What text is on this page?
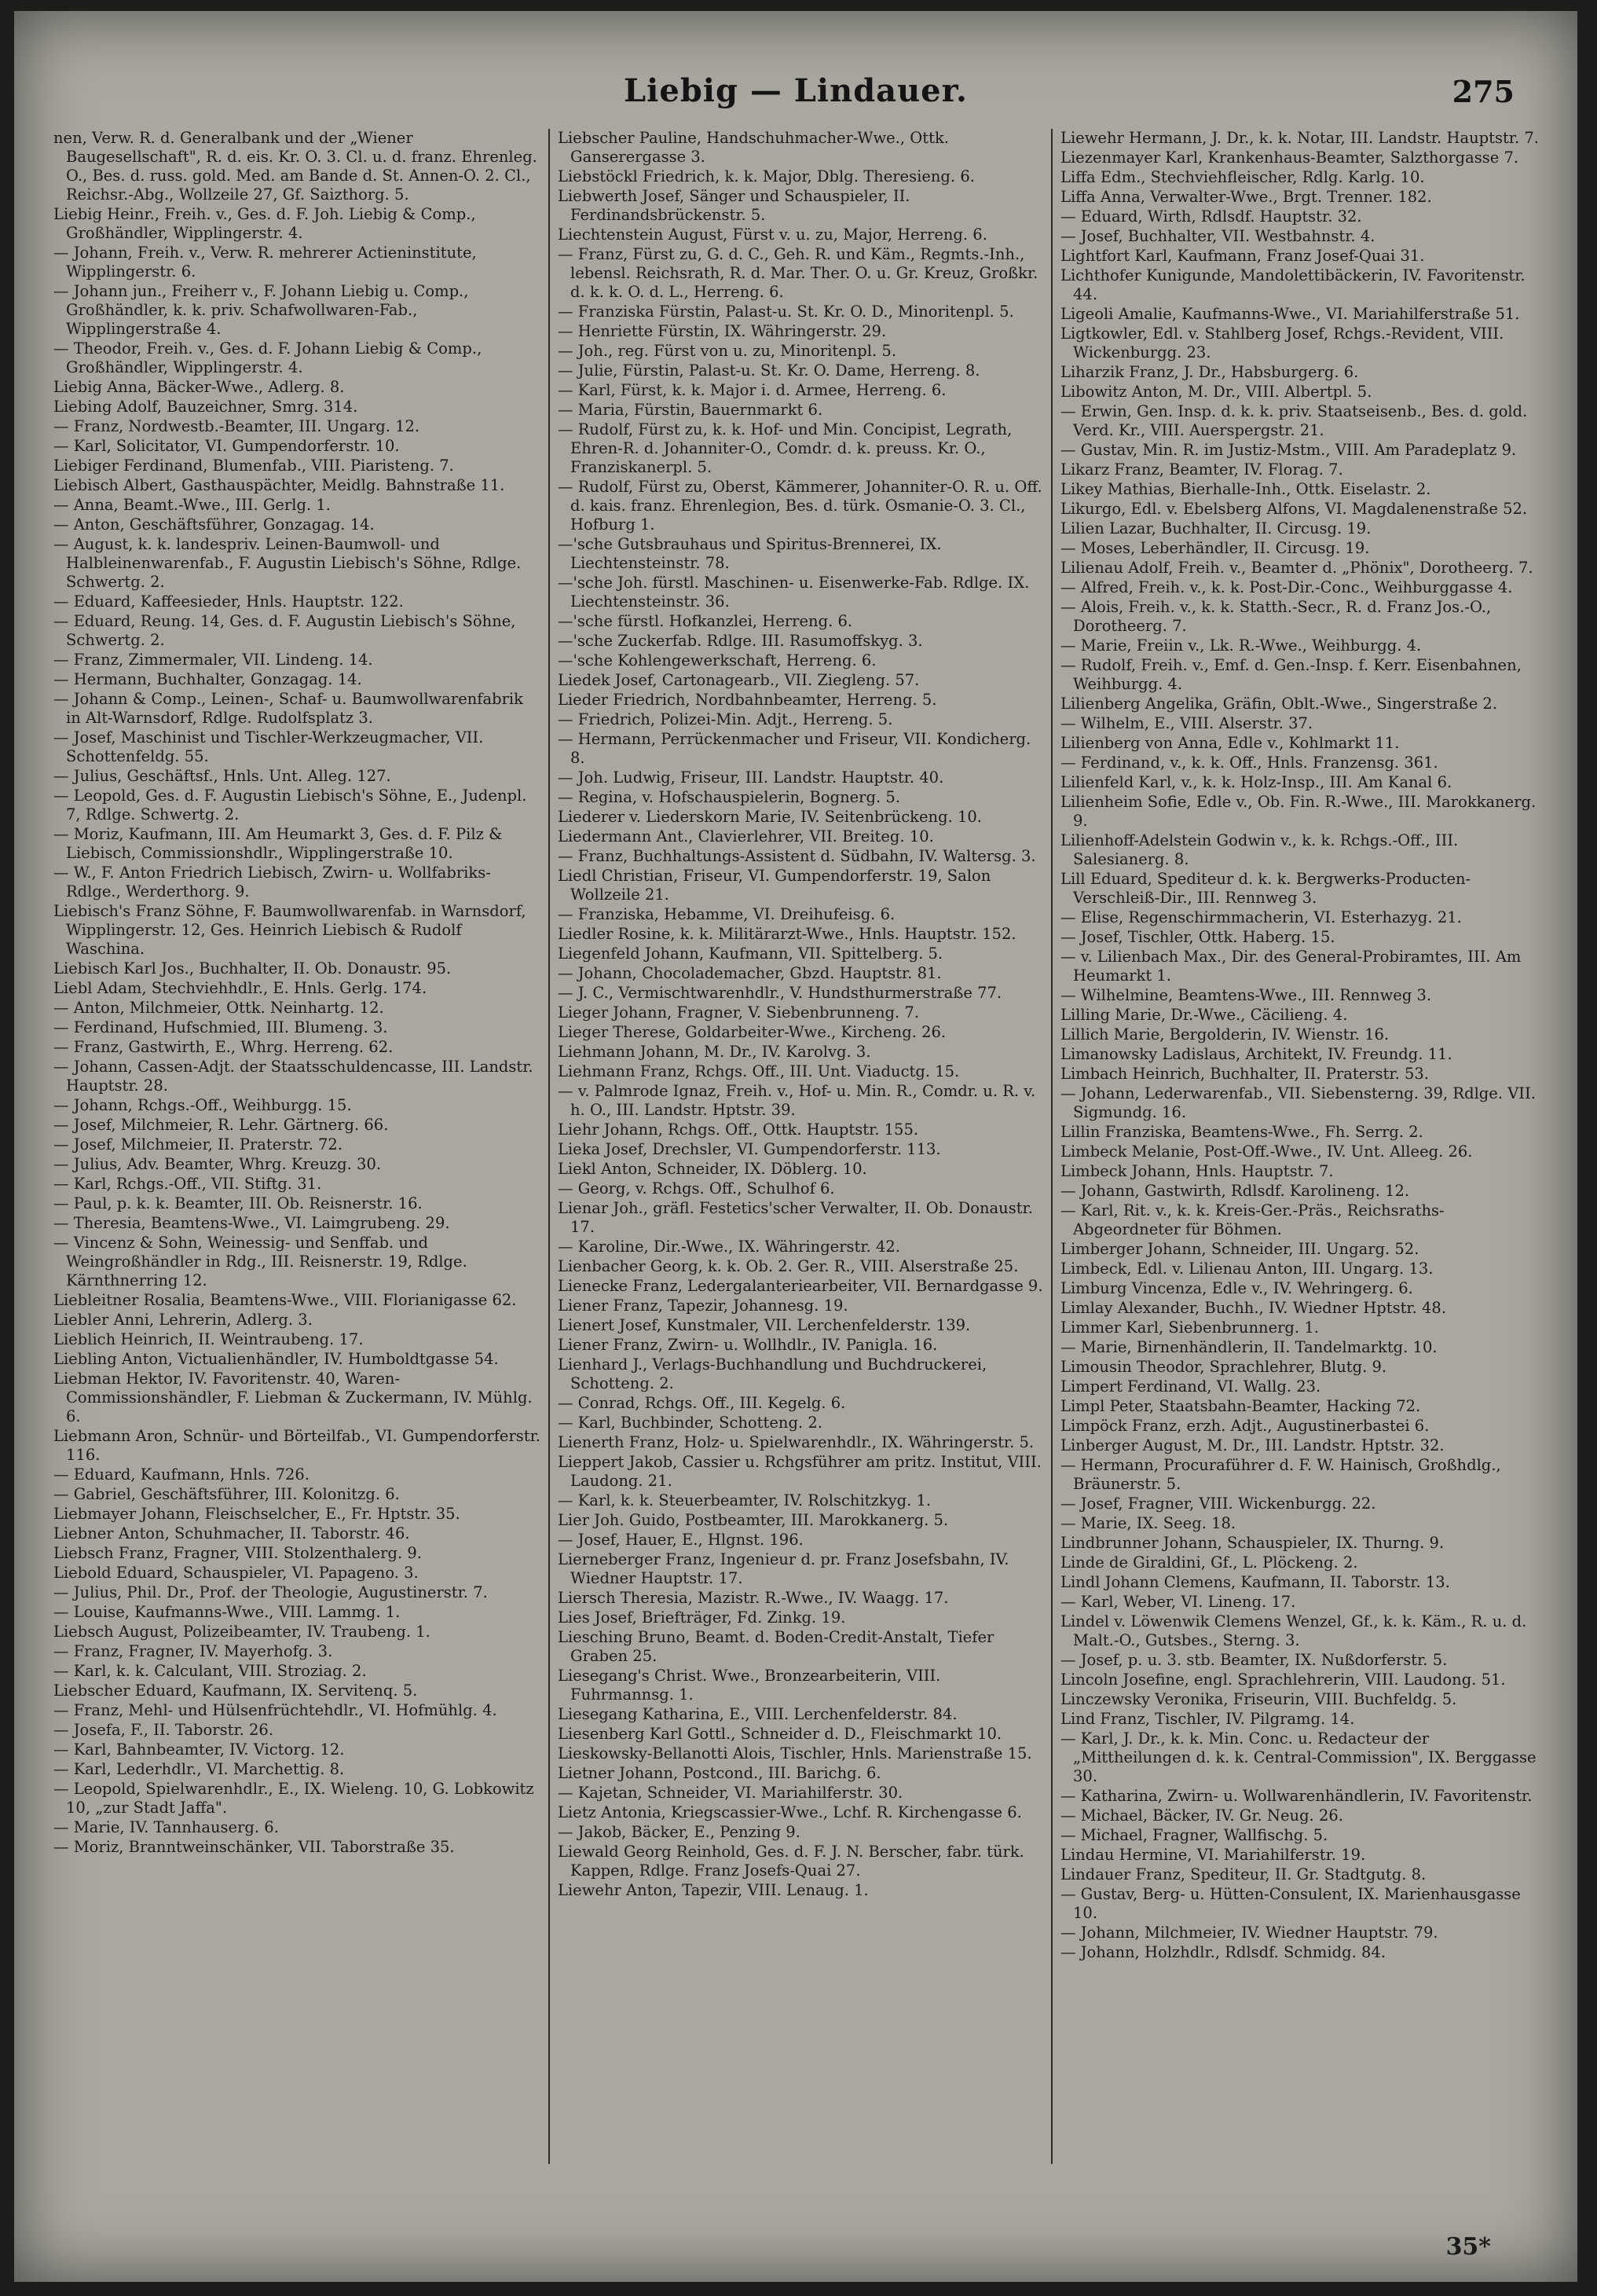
Liebig — Lindauer.	275

nen, Verw. R. d. Generalbank und der „Wiener Baugesellschaft", R. d. eis. Kr. O. 3. Cl. u. d. franz. Ehrenleg. O., Bes. d. russ. gold. Med. am Bande d. St. Annen-O. 2. Cl., Reichsr.-Abg., Wollzeile 27, Gf. Saizthorg. 5.

Liebig Heinr., Freih. v., Ges. d. F. Joh. Liebig & Comp., Großhändler, Wipplingerstr. 4.

— Johann, Freih. v., Verw. R. mehrerer Actieninstitute, Wipplingerstr. 6.

— Johann jun., Freiherr v., F. Johann Liebig u. Comp., Großhändler, k. k. priv. Schafwollwaren-Fab., Wipplingerstraße 4.

— Theodor, Freih. v., Ges. d. F. Johann Liebig & Comp., Großhändler, Wipplingerstr. 4.

Liebig Anna, Bäcker-Wwe., Adlerg. 8.

Liebing Adolf, Bauzeichner, Smrg. 314.

— Franz, Nordwestb.-Beamter, III. Ungarg. 12.

— Karl, Solicitator, VI. Gumpendorferstr. 10.

Liebiger Ferdinand, Blumenfab., VIII. Piaristeng. 7.

Liebisch Albert, Gasthauspächter, Meidlg. Bahnstraße 11.

— Anna, Beamt.-Wwe., III. Gerlg. 1.

— Anton, Geschäftsführer, Gonzagag. 14.

— August, k. k. landespriv. Leinen-Baumwoll- und Halbleinenwarenfab., F. Augustin Liebisch's Söhne, Rdlge. Schwertg. 2.

— Eduard, Kaffeesieder, Hnls. Hauptstr. 122.

— Eduard, Reung. 14, Ges. d. F. Augustin Liebisch's Söhne, Schwertg. 2.

— Franz, Zimmermaler, VII. Lindeng. 14.

— Hermann, Buchhalter, Gonzagag. 14.

— Johann & Comp., Leinen-, Schaf- u. Baumwollwarenfabrik in Alt-Warnsdorf, Rdlge. Rudolfsplatz 3.

— Josef, Maschinist und Tischler-Werkzeugmacher, VII. Schottenfeldg. 55.

— Julius, Geschäftsf., Hnls. Unt. Alleg. 127.

— Leopold, Ges. d. F. Augustin Liebisch's Söhne, E., Judenpl. 7, Rdlge. Schwertg. 2.

— Moriz, Kaufmann, III. Am Heumarkt 3, Ges. d. F. Pilz & Liebisch, Commissionshdlr., Wipplingerstraße 10.

— W., F. Anton Friedrich Liebisch, Zwirn- u. Wollfabriks-Rdlge., Werderthorg. 9.

Liebisch's Franz Söhne, F. Baumwollwarenfab. in Warnsdorf, Wipplingerstr. 12, Ges. Heinrich Liebisch & Rudolf Waschina.

Liebisch Karl Jos., Buchhalter, II. Ob. Donaustr. 95.

Liebl Adam, Stechviehhdlr., E. Hnls. Gerlg. 174.

— Anton, Milchmeier, Ottk. Neinhartg. 12.

— Ferdinand, Hufschmied, III. Blumeng. 3.

— Franz, Gastwirth, E., Whrg. Herreng. 62.

— Johann, Cassen-Adjt. der Staatsschuldencasse, III. Landstr. Hauptstr. 28.

— Johann, Rchgs.-Off., Weihburgg. 15.

— Josef, Milchmeier, R. Lehr. Gärtnerg. 66.

— Josef, Milchmeier, II. Praterstr. 72.

— Julius, Adv. Beamter, Whrg. Kreuzg. 30.

— Karl, Rchgs.-Off., VII. Stiftg. 31.

— Paul, p. k. k. Beamter, III. Ob. Reisnerstr. 16.

— Theresia, Beamtens-Wwe., VI. Laimgrubeng. 29.

— Vincenz & Sohn, Weinessig- und Senffab. und Weingroßhändler in Rdg., III. Reisnerstr. 19, Rdlge. Kärnthnerring 12.

Liebleitner Rosalia, Beamtens-Wwe., VIII. Florianigasse 62.

Liebler Anni, Lehrerin, Adlerg. 3.

Lieblich Heinrich, II. Weintraubeng. 17.

Liebling Anton, Victualienhändler, IV. Humboldtgasse 54.

Liebman Hektor, IV. Favoritenstr. 40, Waren-Commissionshändler, F. Liebman & Zuckermann, IV. Mühlg. 6.

Liebmann Aron, Schnür- und Börteilfab., VI. Gumpendorferstr. 116.

— Eduard, Kaufmann, Hnls. 726.

— Gabriel, Geschäftsführer, III. Kolonitzg. 6.

Liebmayer Johann, Fleischselcher, E., Fr. Hptstr. 35.

Liebner Anton, Schuhmacher, II. Taborstr. 46.

Liebsch Franz, Fragner, VIII. Stolzenthalerg. 9.

Liebold Eduard, Schauspieler, VI. Papageno. 3.

— Julius, Phil. Dr., Prof. der Theologie, Augustinerstr. 7.

— Louise, Kaufmanns-Wwe., VIII. Lammg. 1.

Liebsch August, Polizeibeamter, IV. Traubeng. 1.

— Franz, Fragner, IV. Mayerhofg. 3.

— Karl, k. k. Calculant, VIII. Stroziag. 2.

Liebscher Eduard, Kaufmann, IX. Servitenq. 5.

— Franz, Mehl- und Hülsenfrüchtehdlr., VI. Hofmühlg. 4.

— Josefa, F., II. Taborstr. 26.

— Karl, Bahnbeamter, IV. Victorg. 12.

— Karl, Lederhdlr., VI. Marchettig. 8.

— Leopold, Spielwarenhdlr., E., IX. Wieleng. 10, G. Lobkowitz 10, „zur Stadt Jaffa".

— Marie, IV. Tannhauserg. 6.

— Moriz, Branntweinschänker, VII. Taborstraße 35.

Liebscher Pauline, Handschuhmacher-Wwe., Ottk. Ganserergasse 3.

Liebstöckl Friedrich, k. k. Major, Dblg. Theresieng. 6.

Liebwerth Josef, Sänger und Schauspieler, II. Ferdinandsbrückenstr. 5.

Liechtenstein August, Fürst v. u. zu, Major, Herreng. 6.

— Franz, Fürst zu, G. d. C., Geh. R. und Käm., Regmts.-Inh., lebensl. Reichsrath, R. d. Mar. Ther. O. u. Gr. Kreuz, Großkr. d. k. k. O. d. L., Herreng. 6.

— Franziska Fürstin, Palast-u. St. Kr. O. D., Minoritenpl. 5.

— Henriette Fürstin, IX. Währingerstr. 29.

— Joh., reg. Fürst von u. zu, Minoritenpl. 5.

— Julie, Fürstin, Palast-u. St. Kr. O. Dame, Herreng. 8.

— Karl, Fürst, k. k. Major i. d. Armee, Herreng. 6.

— Maria, Fürstin, Bauernmarkt 6.

— Rudolf, Fürst zu, k. k. Hof- und Min. Concipist, Legrath, Ehren-R. d. Johanniter-O., Comdr. d. k. preuss. Kr. O., Franziskanerpl. 5.

— Rudolf, Fürst zu, Oberst, Kämmerer, Johanniter-O. R. u. Off. d. kais. franz. Ehrenlegion, Bes. d. türk. Osmanie-O. 3. Cl., Hofburg 1.

—'sche Gutsbrauhaus und Spiritus-Brennerei, IX. Liechtensteinstr. 78.

—'sche Joh. fürstl. Maschinen- u. Eisenwerke-Fab. Rdlge. IX. Liechtensteinstr. 36.

—'sche fürstl. Hofkanzlei, Herreng. 6.

—'sche Zuckerfab. Rdlge. III. Rasumoffskyg. 3.

—'sche Kohlengewerkschaft, Herreng. 6.

Liedek Josef, Cartonagearb., VII. Ziegleng. 57.

Lieder Friedrich, Nordbahnbeamter, Herreng. 5.

— Friedrich, Polizei-Min. Adjt., Herreng. 5.

— Hermann, Perrückenmacher und Friseur, VII. Kondicherg. 8.

— Joh. Ludwig, Friseur, III. Landstr. Hauptstr. 40.

— Regina, v. Hofschauspielerin, Bognerg. 5.

Liederer v. Liederskorn Marie, IV. Seitenbrückeng. 10.

Liedermann Ant., Clavierlehrer, VII. Breiteg. 10.

— Franz, Buchhaltungs-Assistent d. Südbahn, IV. Waltersg. 3.

Liedl Christian, Friseur, VI. Gumpendorferstr. 19, Salon Wollzeile 21.

— Franziska, Hebamme, VI. Dreihufeisg. 6.

Liedler Rosine, k. k. Militärarzt-Wwe., Hnls. Hauptstr. 152.

Liegenfeld Johann, Kaufmann, VII. Spittelberg. 5.

— Johann, Chocolademacher, Gbzd. Hauptstr. 81.

— J. C., Vermischtwarenhdlr., V. Hundsthurmerstraße 77.

Lieger Johann, Fragner, V. Siebenbrunneng. 7.

Lieger Therese, Goldarbeiter-Wwe., Kircheng. 26.

Liehmann Johann, M. Dr., IV. Karolvg. 3.

Liehmann Franz, Rchgs. Off., III. Unt. Viaductg. 15.

— v. Palmrode Ignaz, Freih. v., Hof- u. Min. R., Comdr. u. R. v. h. O., III. Landstr. Hptstr. 39.

Liehr Johann, Rchgs. Off., Ottk. Hauptstr. 155.

Lieka Josef, Drechsler, VI. Gumpendorferstr. 113.

Liekl Anton, Schneider, IX. Döblerg. 10.

— Georg, v. Rchgs. Off., Schulhof 6.

Lienar Joh., gräfl. Festetics'scher Verwalter, II. Ob. Donaustr. 17.

— Karoline, Dir.-Wwe., IX. Währingerstr. 42.

Lienbacher Georg, k. k. Ob. 2. Ger. R., VIII. Alserstraße 25.

Lienecke Franz, Ledergalanteriearbeiter, VII. Bernardgasse 9.

Liener Franz, Tapezir, Johannesg. 19.

Lienert Josef, Kunstmaler, VII. Lerchenfelderstr. 139.

Liener Franz, Zwirn- u. Wollhdlr., IV. Panigla. 16.

Lienhard J., Verlags-Buchhandlung und Buchdruckerei, Schotteng. 2.

— Conrad, Rchgs. Off., III. Kegelg. 6.

— Karl, Buchbinder, Schotteng. 2.

Lienerth Franz, Holz- u. Spielwarenhdlr., IX. Währingerstr. 5.

Lieppert Jakob, Cassier u. Rchgsführer am pritz. Institut, VIII. Laudong. 21.

— Karl, k. k. Steuerbeamter, IV. Rolschitzkyg. 1.

Lier Joh. Guido, Postbeamter, III. Marokkanerg. 5.

— Josef, Hauer, E., Hlgnst. 196.

Lierneberger Franz, Ingenieur d. pr. Franz Josefsbahn, IV. Wiedner Hauptstr. 17.

Liersch Theresia, Mazistr. R.-Wwe., IV. Waagg. 17.

Lies Josef, Briefträger, Fd. Zinkg. 19.

Liesching Bruno, Beamt. d. Boden-Credit-Anstalt, Tiefer Graben 25.

Liesegang's Christ. Wwe., Bronzearbeiterin, VIII. Fuhrmannsg. 1.

Liesegang Katharina, E., VIII. Lerchenfelderstr. 84.

Liesenberg Karl Gottl., Schneider d. D., Fleischmarkt 10.

Lieskowsky-Bellanotti Alois, Tischler, Hnls. Marienstraße 15.

Lietner Johann, Postcond., III. Barichg. 6.

— Kajetan, Schneider, VI. Mariahilferstr. 30.

Lietz Antonia, Kriegscassier-Wwe., Lchf. R. Kirchengasse 6.

— Jakob, Bäcker, E., Penzing 9.

Liewald Georg Reinhold, Ges. d. F. J. N. Berscher, fabr. türk. Kappen, Rdlge. Franz Josefs-Quai 27.

Liewehr Anton, Tapezir, VIII. Lenaug. 1.

Liewehr Hermann, J. Dr., k. k. Notar, III. Landstr. Hauptstr. 7.

Liezenmayer Karl, Krankenhaus-Beamter, Salzthorgasse 7.

Liffa Edm., Stechviehfleischer, Rdlg. Karlg. 10.

Liffa Anna, Verwalter-Wwe., Brgt. Trenner. 182.

— Eduard, Wirth, Rdlsdf. Hauptstr. 32.

— Josef, Buchhalter, VII. Westbahnstr. 4.

Lightfort Karl, Kaufmann, Franz Josef-Quai 31.

Lichthofer Kunigunde, Mandolettibäckerin, IV. Favoritenstr. 44.

Ligeoli Amalie, Kaufmanns-Wwe., VI. Mariahilferstraße 51.

Ligtkowler, Edl. v. Stahlberg Josef, Rchgs.-Revident, VIII. Wickenburgg. 23.

Liharzik Franz, J. Dr., Habsburgerg. 6.

Libowitz Anton, M. Dr., VIII. Albertpl. 5.

— Erwin, Gen. Insp. d. k. k. priv. Staatseisenb., Bes. d. gold. Verd. Kr., VIII. Auerspergstr. 21.

— Gustav, Min. R. im Justiz-Mstm., VIII. Am Paradeplatz 9.

Likarz Franz, Beamter, IV. Florag. 7.

Likey Mathias, Bierhalle-Inh., Ottk. Eiselastr. 2.

Likurgo, Edl. v. Ebelsberg Alfons, VI. Magdalenenstraße 52.

Lilien Lazar, Buchhalter, II. Circusg. 19.

— Moses, Leberhändler, II. Circusg. 19.

Lilienau Adolf, Freih. v., Beamter d. „Phönix", Dorotheerg. 7.

— Alfred, Freih. v., k. k. Post-Dir.-Conc., Weihburggasse 4.

— Alois, Freih. v., k. k. Statth.-Secr., R. d. Franz Jos.-O., Dorotheerg. 7.

— Marie, Freiin v., Lk. R.-Wwe., Weihburgg. 4.

— Rudolf, Freih. v., Emf. d. Gen.-Insp. f. Kerr. Eisenbahnen, Weihburgg. 4.

Lilienberg Angelika, Gräfin, Oblt.-Wwe., Singerstraße 2.

— Wilhelm, E., VIII. Alserstr. 37.

Lilienberg von Anna, Edle v., Kohlmarkt 11.

— Ferdinand, v., k. k. Off., Hnls. Franzensg. 361.

Lilienfeld Karl, v., k. k. Holz-Insp., III. Am Kanal 6.

Lilienheim Sofie, Edle v., Ob. Fin. R.-Wwe., III. Marokkanerg. 9.

Lilienhoff-Adelstein Godwin v., k. k. Rchgs.-Off., III. Salesianerg. 8.

Lill Eduard, Spediteur d. k. k. Bergwerks-Producten-Verschleiß-Dir., III. Rennweg 3.

— Elise, Regenschirmmacherin, VI. Esterhazyg. 21.

— Josef, Tischler, Ottk. Haberg. 15.

— v. Lilienbach Max., Dir. des General-Probiramtes, III. Am Heumarkt 1.

— Wilhelmine, Beamtens-Wwe., III. Rennweg 3.

Lilling Marie, Dr.-Wwe., Cäcilieng. 4.

Lillich Marie, Bergolderin, IV. Wienstr. 16.

Limanowsky Ladislaus, Architekt, IV. Freundg. 11.

Limbach Heinrich, Buchhalter, II. Praterstr. 53.

— Johann, Lederwarenfab., VII. Siebensterng. 39, Rdlge. VII. Sigmundg. 16.

Lillin Franziska, Beamtens-Wwe., Fh. Serrg. 2.

Limbeck Melanie, Post-Off.-Wwe., IV. Unt. Alleeg. 26.

Limbeck Johann, Hnls. Hauptstr. 7.

— Johann, Gastwirth, Rdlsdf. Karolineng. 12.

— Karl, Rit. v., k. k. Kreis-Ger.-Präs., Reichsraths-Abgeordneter für Böhmen.

Limberger Johann, Schneider, III. Ungarg. 52.

Limbeck, Edl. v. Lilienau Anton, III. Ungarg. 13.

Limburg Vincenza, Edle v., IV. Wehringerg. 6.

Limlay Alexander, Buchh., IV. Wiedner Hptstr. 48.

Limmer Karl, Siebenbrunnerg. 1.

— Marie, Birnenhändlerin, II. Tandelmarktg. 10.

Limousin Theodor, Sprachlehrer, Blutg. 9.

Limpert Ferdinand, VI. Wallg. 23.

Limpl Peter, Staatsbahn-Beamter, Hacking 72.

Limpöck Franz, erzh. Adjt., Augustinerbastei 6.

Linberger August, M. Dr., III. Landstr. Hptstr. 32.

— Hermann, Procuraführer d. F. W. Hainisch, Großhdlg., Bräunerstr. 5.

— Josef, Fragner, VIII. Wickenburgg. 22.

— Marie, IX. Seeg. 18.

Lindbrunner Johann, Schauspieler, IX. Thurng. 9.

Linde de Giraldini, Gf., L. Plöckeng. 2.

Lindl Johann Clemens, Kaufmann, II. Taborstr. 13.

— Karl, Weber, VI. Lineng. 17.

Lindel v. Löwenwik Clemens Wenzel, Gf., k. k. Käm., R. u. d. Malt.-O., Gutsbes., Sterng. 3.

— Josef, p. u. 3. stb. Beamter, IX. Nußdorferstr. 5.

Lincoln Josefine, engl. Sprachlehrerin, VIII. Laudong. 51.

Linczewsky Veronika, Friseurin, VIII. Buchfeldg. 5.

Lind Franz, Tischler, IV. Pilgramg. 14.

— Karl, J. Dr., k. k. Min. Conc. u. Redacteur der „Mittheilungen d. k. k. Central-Commission", IX. Berggasse 30.

— Katharina, Zwirn- u. Wollwarenhändlerin, IV. Favoritenstr.

— Michael, Bäcker, IV. Gr. Neug. 26.

— Michael, Fragner, Wallfischg. 5.

Lindau Hermine, VI. Mariahilferstr. 19.

Lindauer Franz, Spediteur, II. Gr. Stadtgutg. 8.

— Gustav, Berg- u. Hütten-Consulent, IX. Marienhausgasse 10.

— Johann, Milchmeier, IV. Wiedner Hauptstr. 79.

— Johann, Holzhdlr., Rdlsdf. Schmidg. 84.

35*
